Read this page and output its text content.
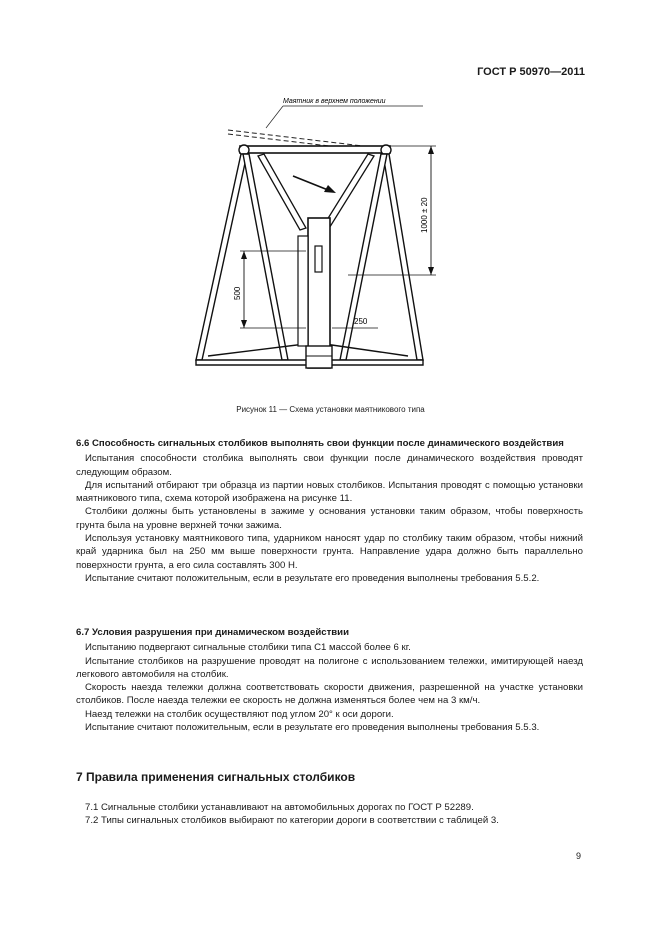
ГОСТ Р 50970—2011
Маятник в верхнем положении
1000 ± 20
500
250
Рисунок 11 — Схема установки маятникового типа

6.6 Способность сигнальных столбиков выполнять свои функции после динамического воздействия

Испытания способности столбика выполнять свои функции после динамического воздействия проводят следующим образом.

Для испытаний отбирают три образца из партии новых столбиков. Испытания проводят с помощью установки маятникового типа, схема которой изображена на рисунке 11.

Столбики должны быть установлены в зажиме у основания установки таким образом, чтобы поверхность грунта была на уровне верхней точки зажима.

Используя установку маятникового типа, ударником наносят удар по столбику таким образом, чтобы нижний край ударника был на 250 мм выше поверхности грунта. Направление удара должно быть параллельно поверхности грунта, а его сила составлять 300 Н.

Испытание считают положительным, если в результате его проведения выполнены требования 5.5.2.

6.7 Условия разрушения при динамическом воздействии

Испытанию подвергают сигнальные столбики типа С1 массой более 6 кг.

Испытание столбиков на разрушение проводят на полигоне с использованием тележки, имитирующей наезд легкового автомобиля на столбик.

Скорость наезда тележки должна соответствовать скорости движения, разрешенной на участке установки столбиков. После наезда тележки ее скорость не должна изменяться более чем на 3 км/ч.

Наезд тележки на столбик осуществляют под углом 20° к оси дороги.

Испытание считают положительным, если в результате его проведения выполнены требования 5.5.3.

7 Правила применения сигнальных столбиков

7.1 Сигнальные столбики устанавливают на автомобильных дорогах по ГОСТ Р 52289.

7.2 Типы сигнальных столбиков выбирают по категории дороги в соответствии с таблицей 3.

9
